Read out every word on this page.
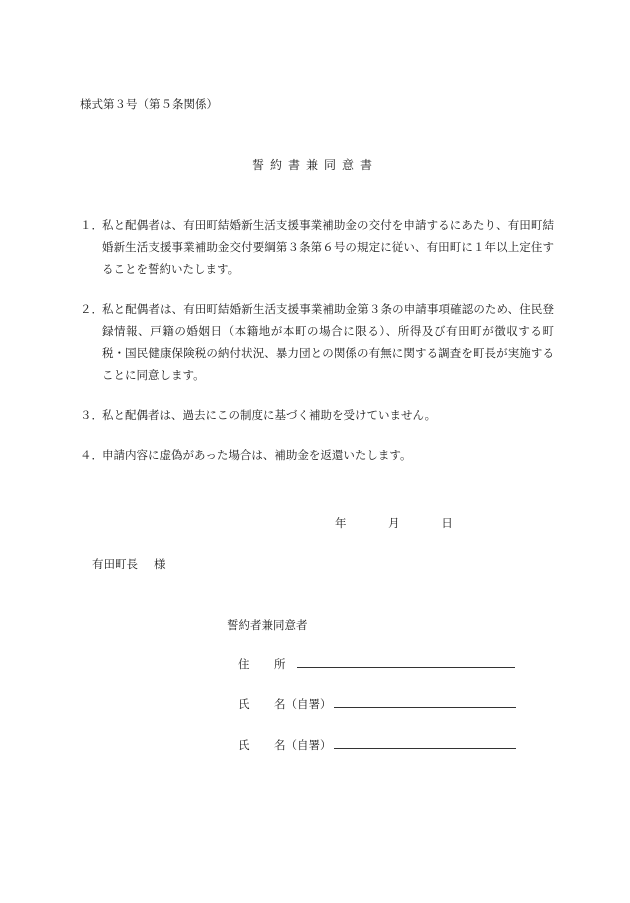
様式第３号（第５条関係）
誓約書兼同意書
１． 私と配偶者は、有田町結婚新生活支援事業補助金の交付を申請するにあたり、有田町結婚新生活支援事業補助金交付要綱第３条第６号の規定に従い、有田町に１年以上定住することを誓約いたします。
２． 私と配偶者は、有田町結婚新生活支援事業補助金第３条の申請事項確認のため、住民登録情報、戸籍の婚姻日（本籍地が本町の場合に限る）、所得及び有田町が徴収する町税・国民健康保険税の納付状況、暴力団との関係の有無に関する調査を町長が実施することに同意します。
３． 私と配偶者は、過去にこの制度に基づく補助を受けていません。
４． 申請内容に虚偽があった場合は、補助金を返還いたします。
年	月	日
有田町長 様
誓約者兼同意者
住 所
氏 名（自署）
氏 名（自署）
